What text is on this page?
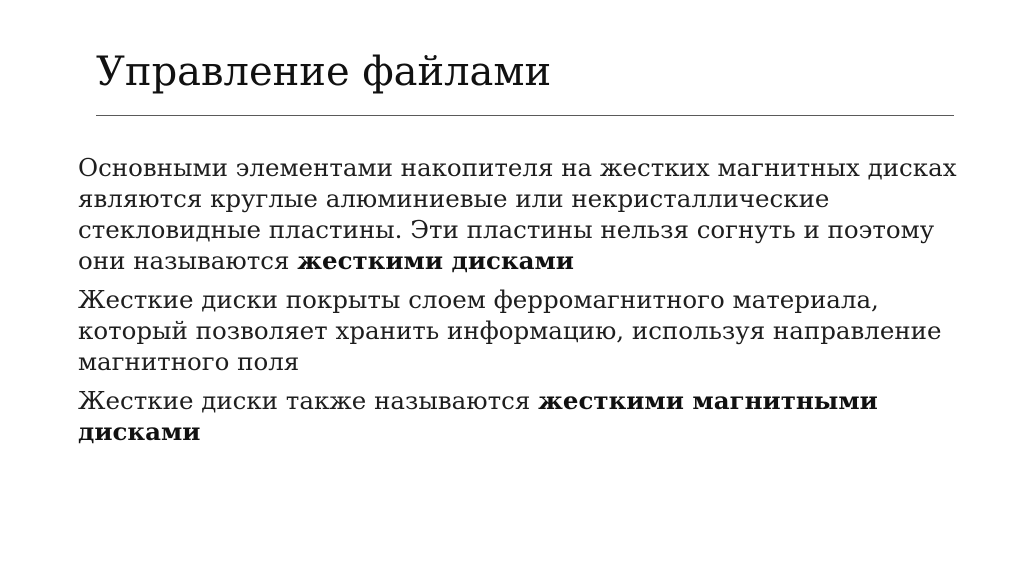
Управление файлами

Основными элементами накопителя на жестких магнитных дисках являются круглые алюминиевые или некристаллические стекловидные пластины. Эти пластины нельзя согнуть и поэтому они называются жесткими дисками

Жесткие диски покрыты слоем ферромагнитного материала, который позволяет хранить информацию, используя направление магнитного поля

Жесткие диски также называются жесткими магнитными дисками
